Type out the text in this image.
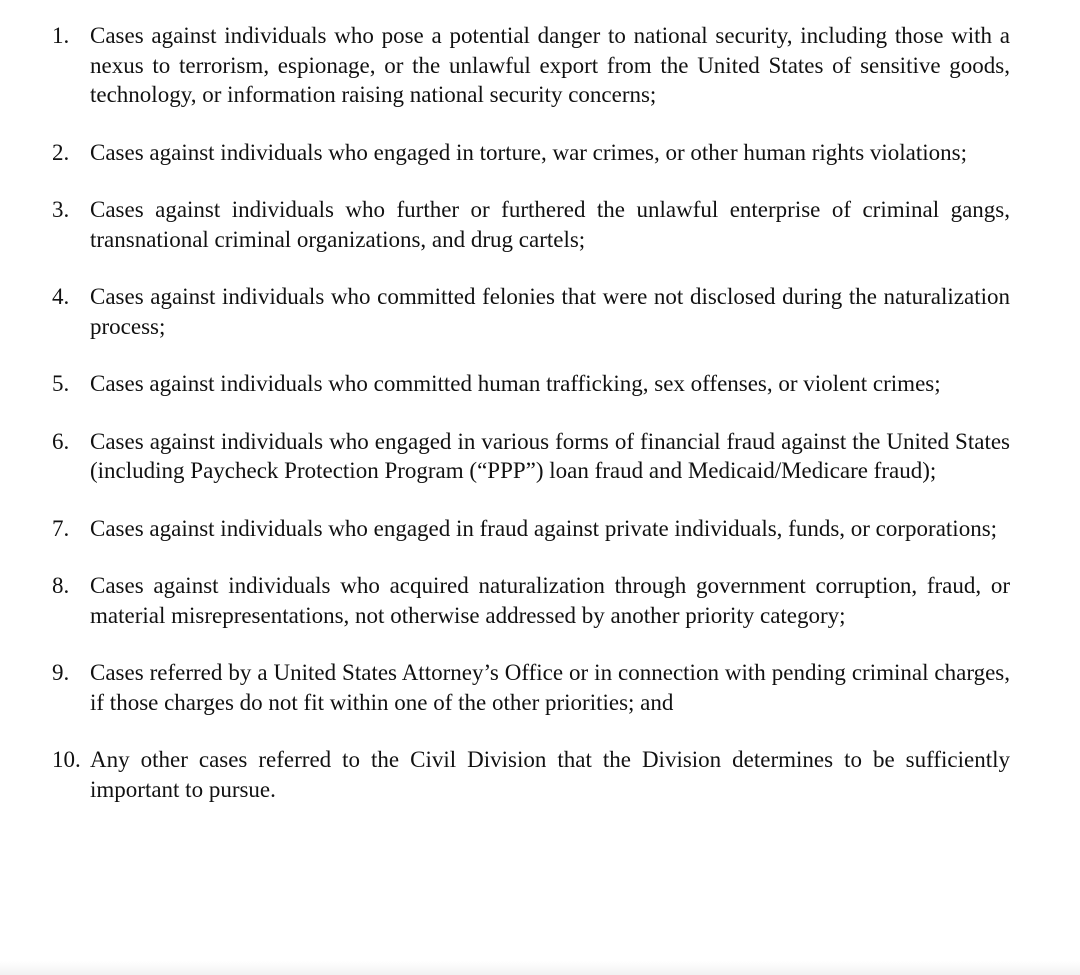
1. Cases against individuals who pose a potential danger to national security, including those with a nexus to terrorism, espionage, or the unlawful export from the United States of sensitive goods, technology, or information raising national security concerns;
2. Cases against individuals who engaged in torture, war crimes, or other human rights violations;
3. Cases against individuals who further or furthered the unlawful enterprise of criminal gangs, transnational criminal organizations, and drug cartels;
4. Cases against individuals who committed felonies that were not disclosed during the naturalization process;
5. Cases against individuals who committed human trafficking, sex offenses, or violent crimes;
6. Cases against individuals who engaged in various forms of financial fraud against the United States (including Paycheck Protection Program (“PPP”) loan fraud and Medicaid/Medicare fraud);
7. Cases against individuals who engaged in fraud against private individuals, funds, or corporations;
8. Cases against individuals who acquired naturalization through government corruption, fraud, or material misrepresentations, not otherwise addressed by another priority category;
9. Cases referred by a United States Attorney’s Office or in connection with pending criminal charges, if those charges do not fit within one of the other priorities; and
10. Any other cases referred to the Civil Division that the Division determines to be sufficiently important to pursue.
